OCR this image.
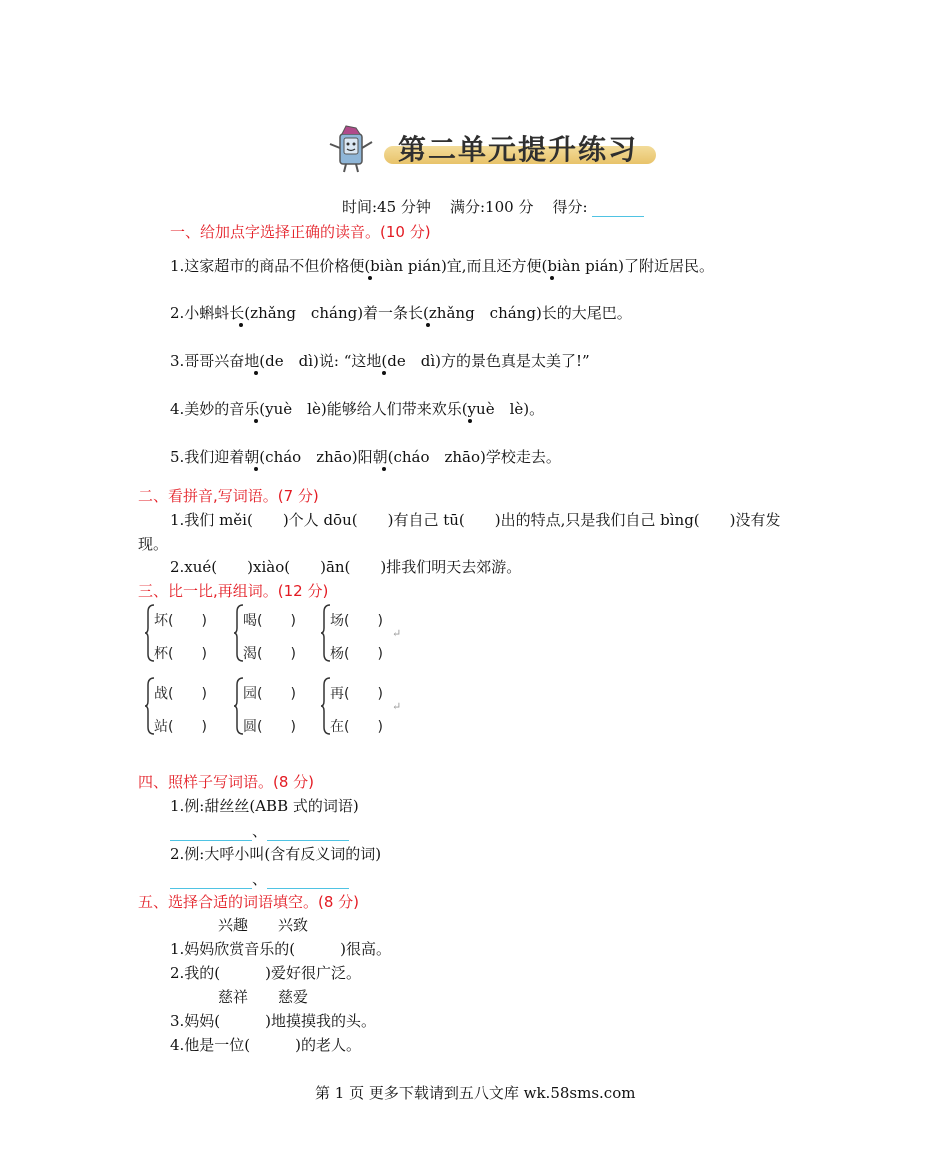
第二单元提升练习
时间:45 分钟 满分:100 分 得分:
一、给加点字选择正确的读音。(10 分)
1.这家超市的商品不但价格便(biàn pián)宜,而且还方便(biàn pián)了附近居民。
2.小蝌蚪长(zhǎng　cháng)着一条长(zhǎng　cháng)长的大尾巴。
3.哥哥兴奋地(de　dì)说: “这地(de　dì)方的景色真是太美了!”
4.美妙的音乐(yuè　lè)能够给人们带来欢乐(yuè　lè)。
5.我们迎着朝(cháo　zhāo)阳朝(cháo　zhāo)学校走去。
二、看拼音,写词语。(7 分)
1.我们 měi(　　)个人 dōu(　　)有自己 tū(　　)出的特点,只是我们自己 bìng(　　)没有发
现。
2.xué(　　)xiào(　　)ān(　　)排我们明天去郊游。
三、比一比,再组词。(12 分)
坏(　　)
杯(　　)
喝(　　)
渴(　　)
场(　　)
杨(　　)
↵
战(　　)
站(　　)
园(　　)
圆(　　)
再(　　)
在(　　)
↵
四、照样子写词语。(8 分)
1.例:甜丝丝(ABB 式的词语)
、
2.例:大呼小叫(含有反义词的词)
、
五、选择合适的词语填空。(8 分)
兴趣　　兴致
1.妈妈欣赏音乐的(　　　)很高。
2.我的(　　　)爱好很广泛。
慈祥　　慈爱
3.妈妈(　　　)地摸摸我的头。
4.他是一位(　　　)的老人。
第 1 页 更多下载请到五八文库 wk.58sms.com
